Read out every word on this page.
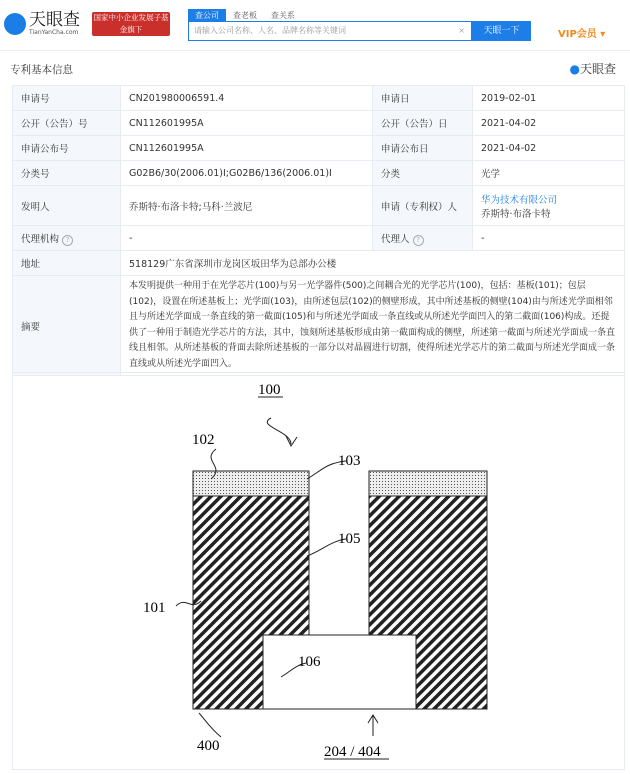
天眼查
TianYanCha.com
国家中小企业发展子基金旗下
官方备案企业征信机构
查公司	查老板	查关系
请输入公司名称、人名、品牌名称等关键词	×	天眼一下	VIP会员 ▾
专利基本信息	●天眼查
申请号	CN201980006591.4	申请日	2019-02-01
公开（公告）号	CN112601995A	公开（公告）日	2021-04-02
申请公布号	CN112601995A	申请公布日	2021-04-02
分类号	G02B6/30(2006.01)I;G02B6/136(2006.01)I	分类	光学
发明人	乔斯特·布洛卡特;马科·兰波尼	申请（专利权）人	华为技术有限公司
乔斯特·布洛卡特
代理机构 ?	-	代理人 ?	-
地址	518129广东省深圳市龙岗区坂田华为总部办公楼		
摘要	本发明提供一种用于在光学芯片(100)与另一光学器件(500)之间耦合光的光学芯片(100)，包括：基板(101)；包层(102)，设置在所述基板上；光学面(103)，由所述包层(102)的侧壁形成，其中所述基板的侧壁(104)由与所述光学面相邻且与所述光学面成一条直线的第一截面(105)和与所述光学面成一条直线或从所述光学面凹入的第二截面(106)构成。还提供了一种用于制造光学芯片的方法，其中，蚀刻所述基板形成由第一截面构成的侧壁，所述第一截面与所述光学面成一条直线且相邻。从所述基板的背面去除所述基板的一部分以对晶圆进行切割，使得所述光学芯片的第二截面与所述光学面成一条直线或从所述光学面凹入。		
100
102
103
105
101
106
400	204 / 404
